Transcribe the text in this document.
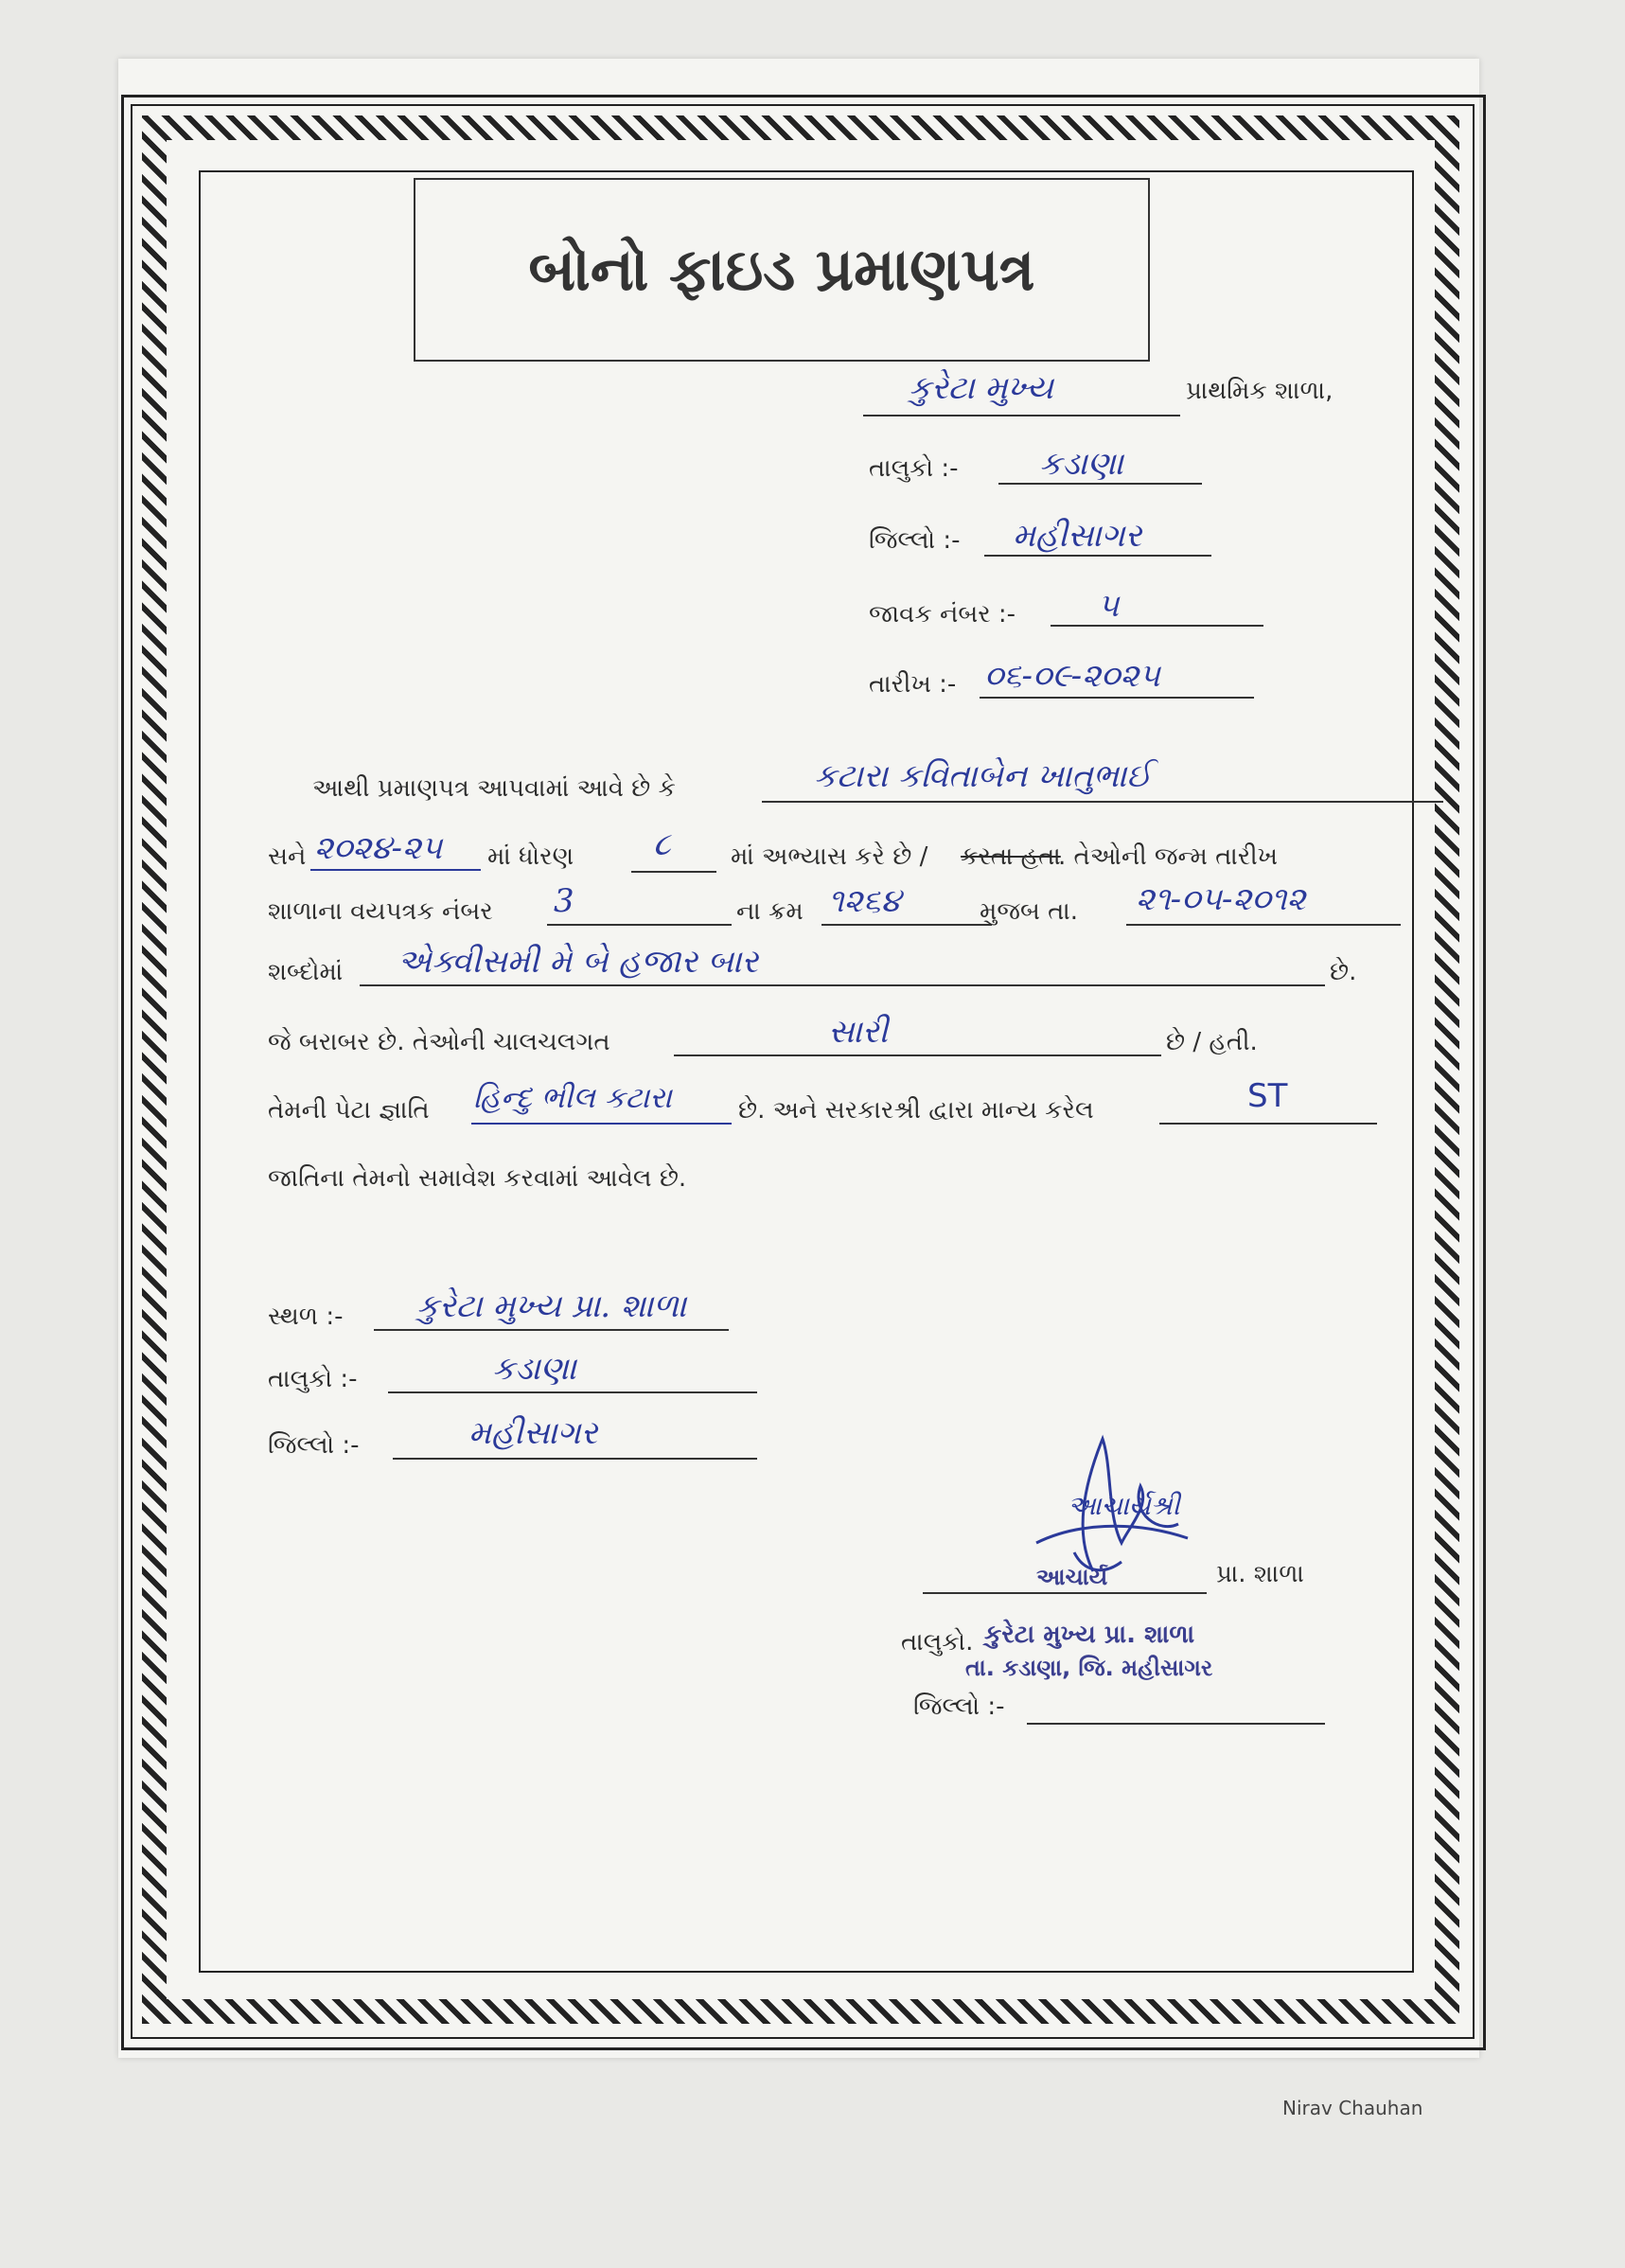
બોનો ફાઇડ પ્રમાણપત્ર
કુરેટા મુખ્ય	પ્રાથમિક શાળા,
તાલુકો :-	કડાણા
જિલ્લો :- મહીસાગર
જાવક નંબર :-	૫
તારીખ :- ૦૬-૦૯-૨૦૨૫
આથી પ્રમાણપત્ર આપવામાં આવે છે કે	કટારા કવિતાબેન ખાતુભાઈ
સને ૨૦૨૪-૨૫ માં ધોરણ ૮ માં અભ્યાસ કરે છે / કરતા હતા
. તેઓની જન્મ તારીખ
શાળાના વયપત્રક નંબર 3	ના ક્રમ ૧૨૬૪	મુજબ તા. ૨૧-૦૫-૨૦૧૨
શબ્દોમાં એક્વીસમી મે બે હજાર બાર	છે.
જે બરાબર છે. તેઓની ચાલચલગત	સારી	છે / હતી.
તેમની પેટા જ્ઞાતિ હિન્દુ ભીલ કટારા	છે. અને સરકારશ્રી દ્વારા માન્ય કરેલ	ST
જાતિના તેમનો સમાવેશ કરવામાં આવેલ છે.
સ્થળ :- કુરેટા મુખ્ય પ્રા. શાળા
તાલુકો :-	કડાણા
જિલ્લો :-	મહીસાગર
આચાર્યશ્રી
આચાર્ય	પ્રા. શાળા
તાલુકો. કુરેટા મુખ્ય પ્રા. શાળા
તા. કડાણા, જિ. મહીસાગર
જિલ્લો :-
Nirav Chauhan
